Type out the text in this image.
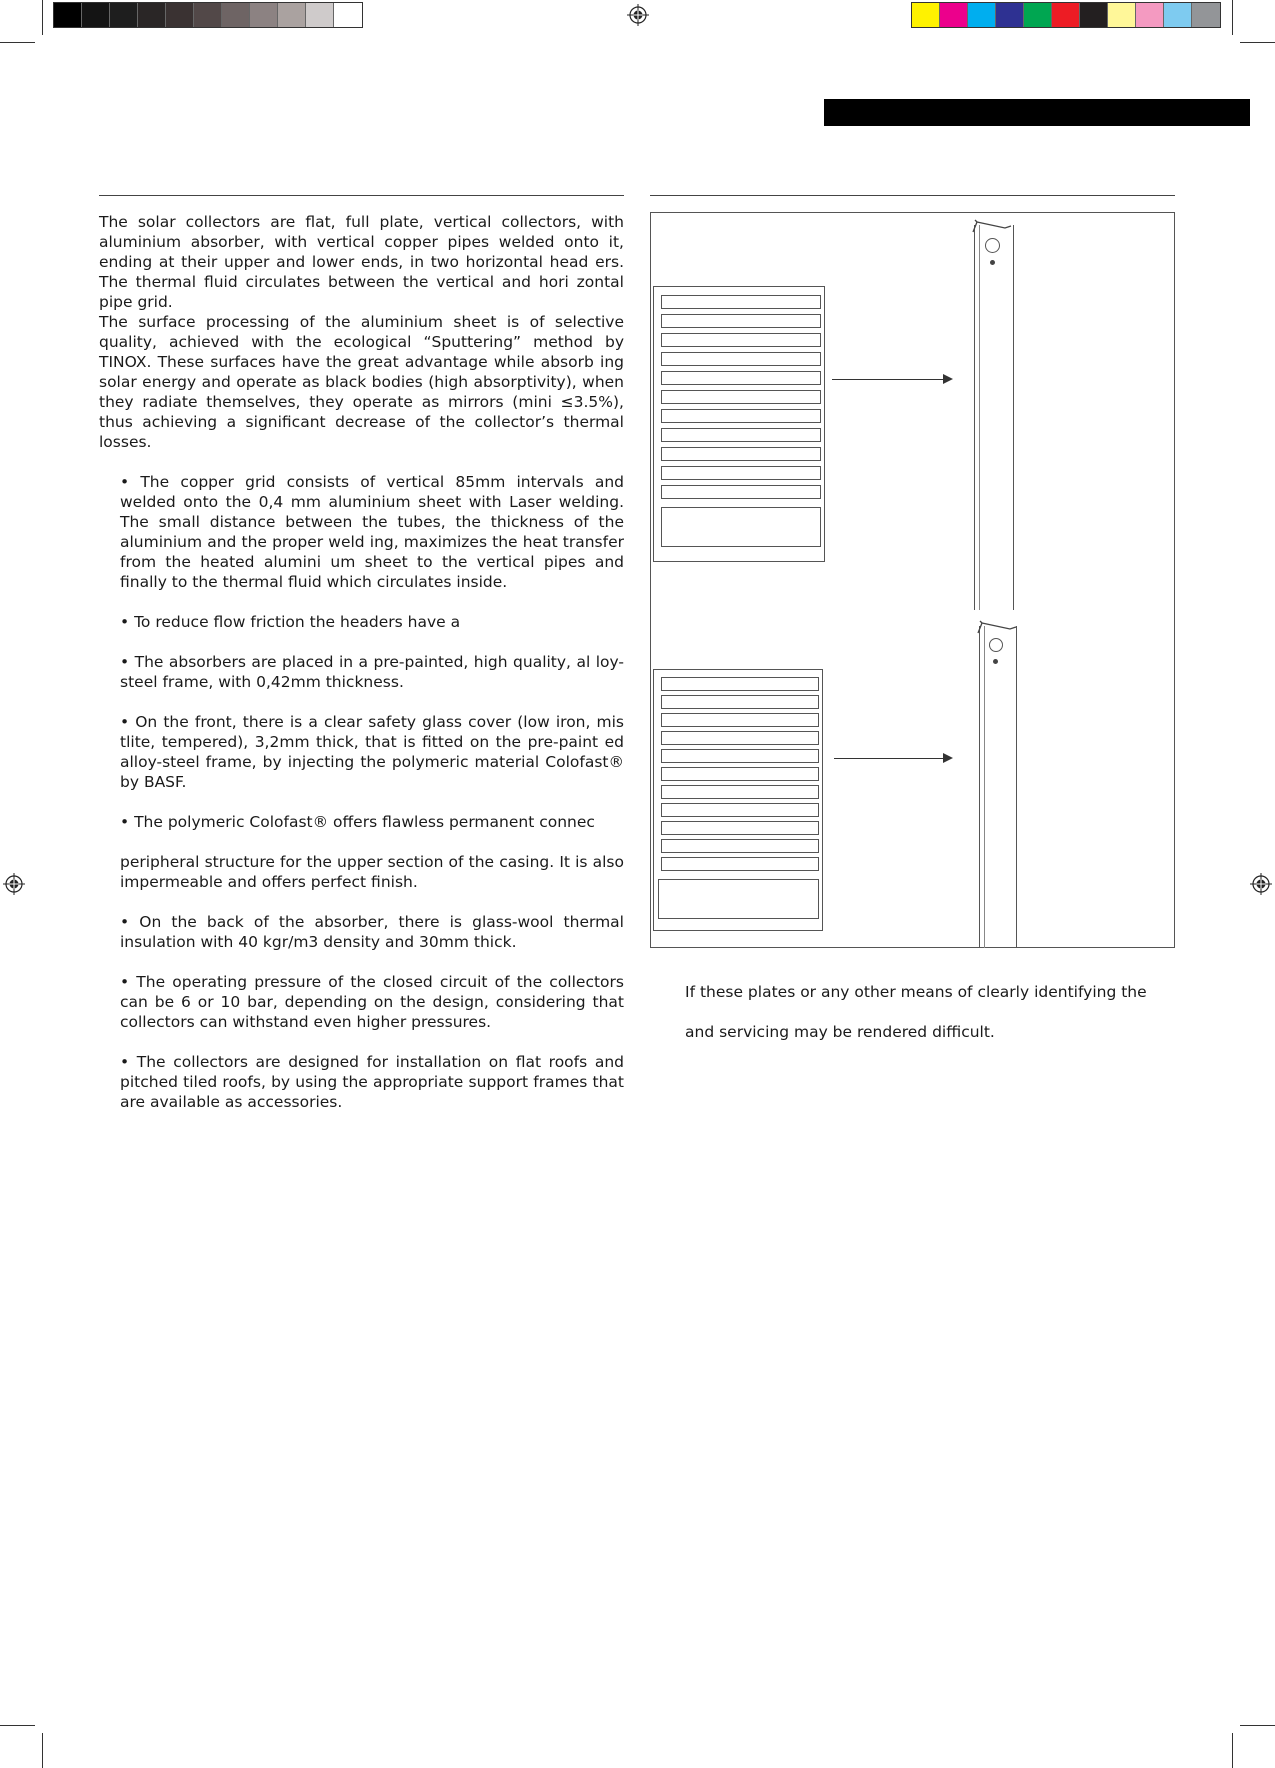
The solar collectors are flat, full plate, vertical collectors, with aluminium absorber, with vertical copper pipes welded onto it, ending at their upper and lower ends, in two horizontal head ers. The thermal fluid circulates between the vertical and hori zontal pipe grid.

The surface processing of the aluminium sheet is of selective quality, achieved with the ecological “Sputtering” method by TINOX. These surfaces have the great advantage while absorb ing solar energy and operate as black bodies (high absorptivity), when they radiate themselves, they operate as mirrors (mini ≤3.5%), thus achieving a significant decrease of the collector’s thermal losses.

• The copper grid consists of vertical 85mm intervals and welded onto the 0,4 mm aluminium sheet with Laser welding. The small distance between the tubes, the thickness of the aluminium and the proper weld ing, maximizes the heat transfer from the heated alumini um sheet to the vertical pipes and finally to the thermal fluid which circulates inside.

• To reduce flow friction the headers have a

• The absorbers are placed in a pre-painted, high quality, al loy-steel frame, with 0,42mm thickness.

• On the front, there is a clear safety glass cover (low iron, mis tlite, tempered), 3,2mm thick, that is fitted on the pre-paint ed alloy-steel frame, by injecting the polymeric material Colofast® by BASF.

• The polymeric Colofast® offers flawless permanent connec

peripheral structure for the upper section of the casing. It is also impermeable and offers perfect finish.

• On the back of the absorber, there is glass-wool thermal insulation with 40 kgr/m3 density and 30mm thick.

• The operating pressure of the closed circuit of the collectors can be 6 or 10 bar, depending on the design, considering that collectors can withstand even higher pressures.

• The collectors are designed for installation on flat roofs and pitched tiled roofs, by using the appropriate support frames that are available as accessories.

If these plates or any other means of clearly identifying the

and servicing may be rendered difficult.
